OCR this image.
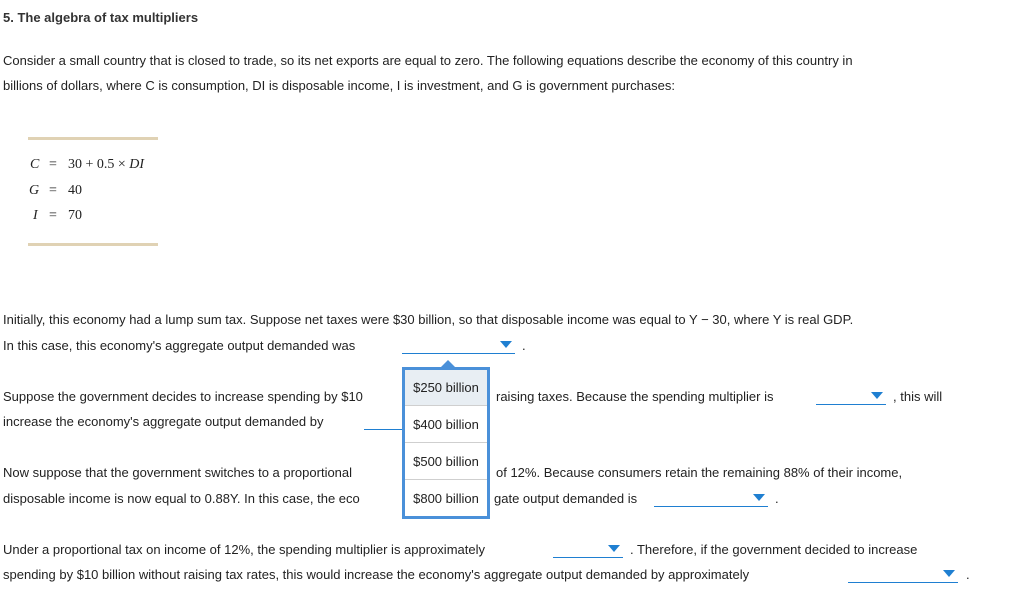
5. The algebra of tax multipliers
Consider a small country that is closed to trade, so its net exports are equal to zero. The following equations describe the economy of this country in
billions of dollars, where C is consumption, DI is disposable income, I is investment, and G is government purchases:
C = 30 + 0.5 × DI
G = 40
I = 70
Initially, this economy had a lump sum tax. Suppose net taxes were $30 billion, so that disposable income was equal to Y − 30, where Y is real GDP.
In this case, this economy's aggregate output demanded was	.
Suppose the government decides to increase spending by $10	raising taxes. Because the spending multiplier is	, this will
increase the economy's aggregate output demanded by
Now suppose that the government switches to a proportional	of 12%. Because consumers retain the remaining 88% of their income,
disposable income is now equal to 0.88Y. In this case, the eco	gate output demanded is	.
Under a proportional tax on income of 12%, the spending multiplier is approximately	. Therefore, if the government decided to increase
spending by $10 billion without raising tax rates, this would increase the economy's aggregate output demanded by approximately	.
$250 billion
$400 billion
$500 billion
$800 billion
